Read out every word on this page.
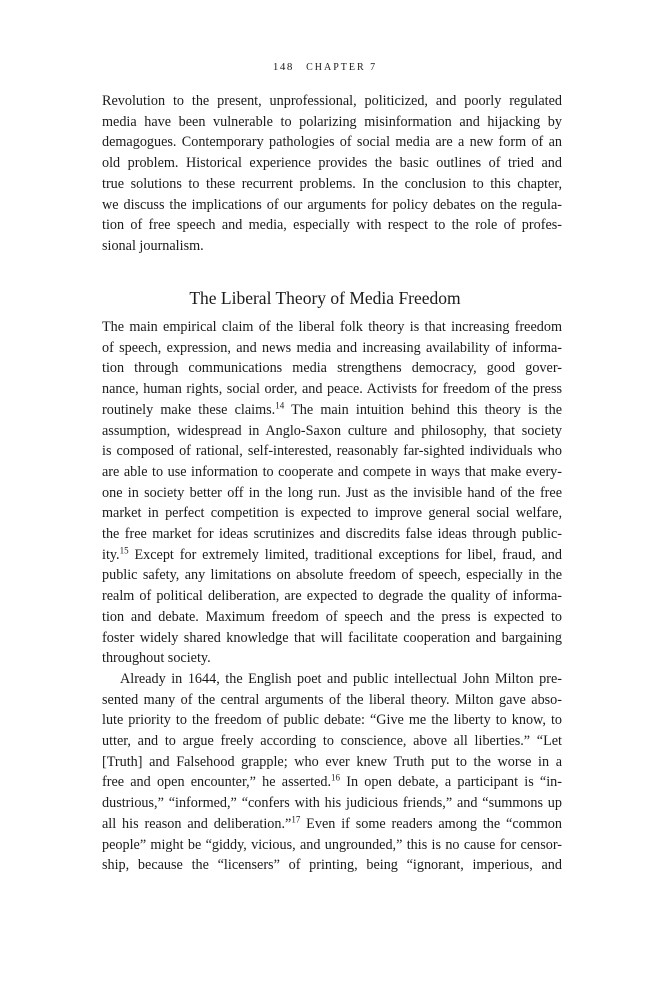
148 CHAPTER 7

Revolution to the present, unprofessional, politicized, and poorly regulated
media have been vulnerable to polarizing misinformation and hijacking by
demagogues. Contemporary pathologies of social media are a new form of an
old problem. Historical experience provides the basic outlines of tried and
true solutions to these recurrent problems. In the conclusion to this chapter,
we discuss the implications of our arguments for policy debates on the regula-
tion of free speech and media, especially with respect to the role of profes-
sional journalism.

The Liberal Theory of Media Freedom

The main empirical claim of the liberal folk theory is that increasing freedom
of speech, expression, and news media and increasing availability of informa-
tion through communications media strengthens democracy, good gover-
nance, human rights, social order, and peace. Activists for freedom of the press
routinely make these claims.$^{14}$ The main intuition behind this theory is the
assumption, widespread in Anglo-Saxon culture and philosophy, that society
is composed of rational, self-interested, reasonably far-sighted individuals who
are able to use information to cooperate and compete in ways that make every-
one in society better off in the long run. Just as the invisible hand of the free
market in perfect competition is expected to improve general social welfare,
the free market for ideas scrutinizes and discredits false ideas through public-
ity.$^{15}$ Except for extremely limited, traditional exceptions for libel, fraud, and
public safety, any limitations on absolute freedom of speech, especially in the
realm of political deliberation, are expected to degrade the quality of informa-
tion and debate. Maximum freedom of speech and the press is expected to
foster widely shared knowledge that will facilitate cooperation and bargaining
throughout society.

Already in 1644, the English poet and public intellectual John Milton pre-
sented many of the central arguments of the liberal theory. Milton gave abso-
lute priority to the freedom of public debate: “Give me the liberty to know, to
utter, and to argue freely according to conscience, above all liberties.” “Let
[Truth] and Falsehood grapple; who ever knew Truth put to the worse in a
free and open encounter,” he asserted.$^{16}$ In open debate, a participant is “in-
dustrious,” “informed,” “confers with his judicious friends,” and “summons up
all his reason and deliberation.”$^{17}$ Even if some readers among the “common
people” might be “giddy, vicious, and ungrounded,” this is no cause for censor-
ship, because the “licensers” of printing, being “ignorant, imperious, and
